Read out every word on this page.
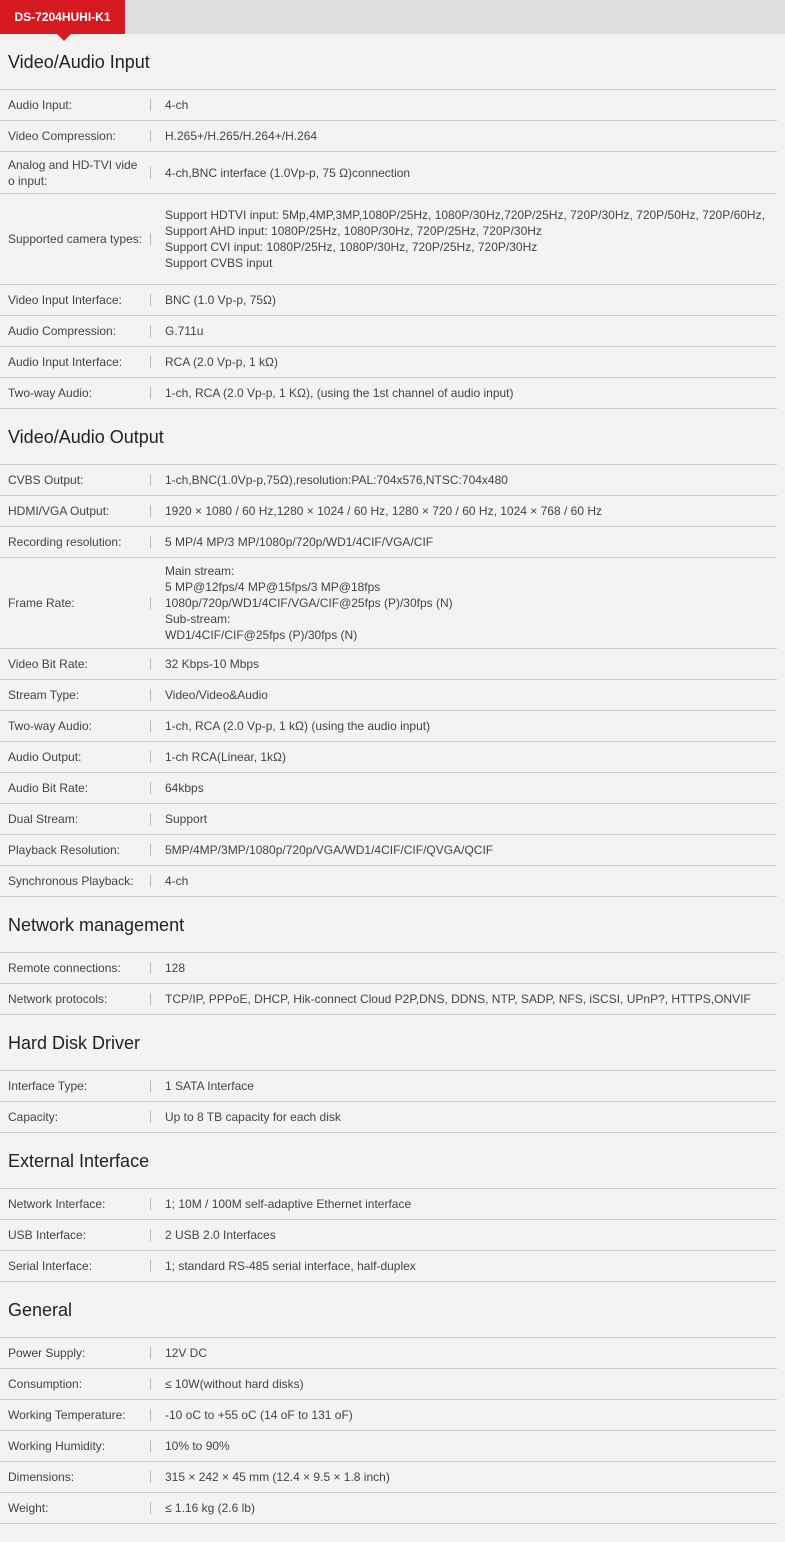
DS-7204HUHI-K1
Video/Audio Input
Audio Input:	4-ch
Video Compression:	H.265+/H.265/H.264+/H.264
Analog and HD-TVI video input:
4-ch,BNC interface (1.0Vp-p, 75 Ω)connection
Supported camera types:
Support HDTVI input: 5Mp,4MP,3MP,1080P/25Hz, 1080P/30Hz,720P/25Hz, 720P/30Hz, 720P/50Hz, 720P/60Hz,
Support AHD input: 1080P/25Hz, 1080P/30Hz, 720P/25Hz, 720P/30Hz
Support CVI input: 1080P/25Hz, 1080P/30Hz, 720P/25Hz, 720P/30Hz
Support CVBS input
Video Input Interface:	BNC (1.0 Vp-p, 75Ω)
Audio Compression:	G.711u
Audio Input Interface:	RCA (2.0 Vp-p, 1 kΩ)
Two-way Audio:	1-ch, RCA (2.0 Vp-p, 1 KΩ), (using the 1st channel of audio input)
Video/Audio Output
CVBS Output:	1-ch,BNC(1.0Vp-p,75Ω),resolution:PAL:704x576,NTSC:704x480
HDMI/VGA Output:	1920 × 1080 / 60 Hz,1280 × 1024 / 60 Hz, 1280 × 720 / 60 Hz, 1024 × 768 / 60 Hz
Recording resolution:	5 MP/4 MP/3 MP/1080p/720p/WD1/4CIF/VGA/CIF
Frame Rate:
Main stream:
5 MP@12fps/4 MP@15fps/3 MP@18fps
1080p/720p/WD1/4CIF/VGA/CIF@25fps (P)/30fps (N)
Sub-stream:
WD1/4CIF/CIF@25fps (P)/30fps (N)
Video Bit Rate:	32 Kbps-10 Mbps
Stream Type:	Video/Video&Audio
Two-way Audio:	1-ch, RCA (2.0 Vp-p, 1 kΩ) (using the audio input)
Audio Output:	1-ch RCA(Linear, 1kΩ)
Audio Bit Rate:	64kbps
Dual Stream:	Support
Playback Resolution:	5MP/4MP/3MP/1080p/720p/VGA/WD1/4CIF/CIF/QVGA/QCIF
Synchronous Playback:	4-ch
Network management
Remote connections:	128
Network protocols:	TCP/IP, PPPoE, DHCP, Hik-connect Cloud P2P,DNS, DDNS, NTP, SADP, NFS, iSCSI, UPnP?, HTTPS,ONVIF
Hard Disk Driver
Interface Type:	1 SATA Interface
Capacity:	Up to 8 TB capacity for each disk
External Interface
Network Interface:	1; 10M / 100M self-adaptive Ethernet interface
USB Interface:	2 USB 2.0 Interfaces
Serial Interface:	1; standard RS-485 serial interface, half-duplex
General
Power Supply:	12V DC
Consumption:	≤ 10W(without hard disks)
Working Temperature:	-10 oC to +55 oC (14 oF to 131 oF)
Working Humidity:	10% to 90%
Dimensions:	315 × 242 × 45 mm (12.4 × 9.5 × 1.8 inch)
Weight:	≤ 1.16 kg (2.6 lb)
